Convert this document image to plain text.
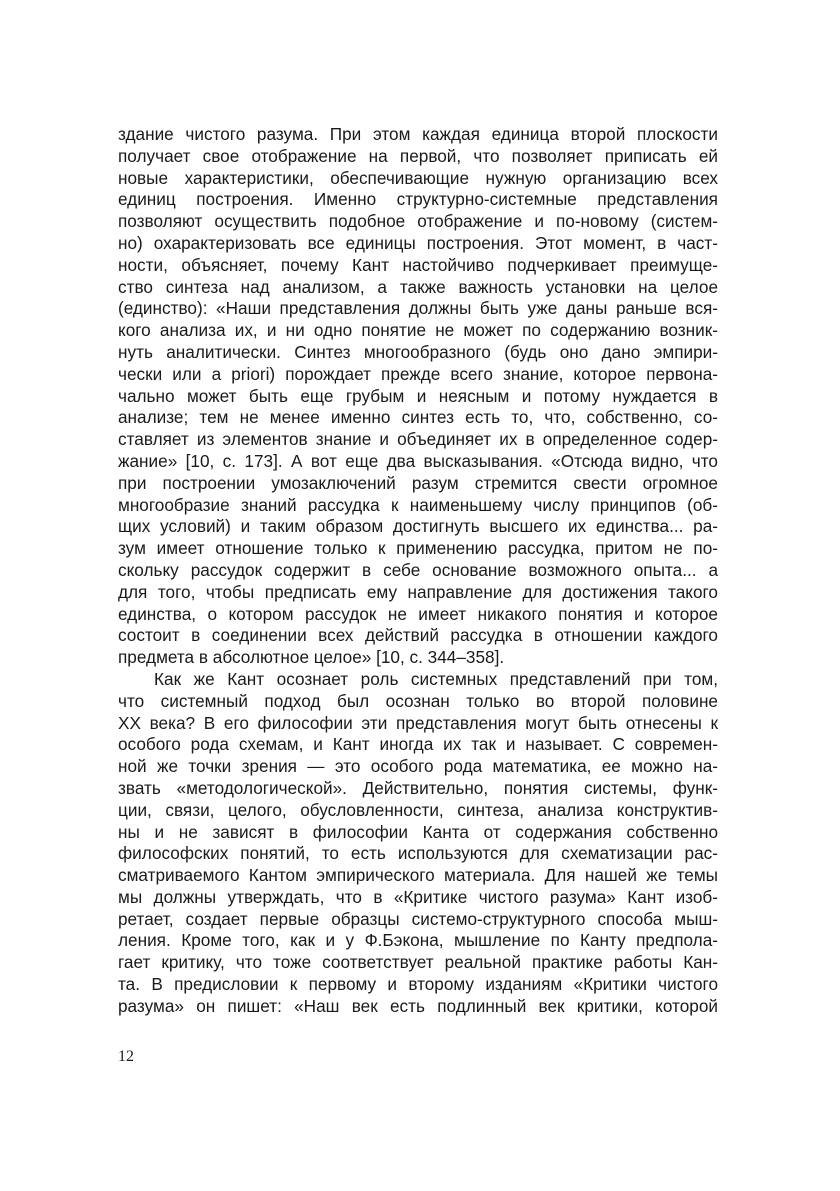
здание чистого разума. При этом каждая единица второй плоскости
получает свое отображение на первой, что позволяет приписать ей
новые характеристики, обеспечивающие нужную организацию всех
единиц построения. Именно структурно-системные представления
позволяют осуществить подобное отображение и по-новому (систем-
но) охарактеризовать все единицы построения. Этот момент, в част-
ности, объясняет, почему Кант настойчиво подчеркивает преимуще-
ство синтеза над анализом, а также важность установки на целое
(единство): «Наши представления должны быть уже даны раньше вся-
кого анализа их, и ни одно понятие не может по содержанию возник-
нуть аналитически. Синтез многообразного (будь оно дано эмпири-
чески или a priori) порождает прежде всего знание, которое первона-
чально может быть еще грубым и неясным и потому нуждается в
анализе; тем не менее именно синтез есть то, что, собственно, со-
ставляет из элементов знание и объединяет их в определенное содер-
жание» [10, с. 173]. А вот еще два высказывания. «Отсюда видно, что
при построении умозаключений разум стремится свести огромное
многообразие знаний рассудка к наименьшему числу принципов (об-
щих условий) и таким образом достигнуть высшего их единства... ра-
зум имеет отношение только к применению рассудка, притом не по-
скольку рассудок содержит в себе основание возможного опыта... а
для того, чтобы предписать ему направление для достижения такого
единства, о котором рассудок не имеет никакого понятия и которое
состоит в соединении всех действий рассудка в отношении каждого
предмета в абсолютное целое» [10, с. 344–358].
Как же Кант осознает роль системных представлений при том,
что системный подход был осознан только во второй половине
XX века? В его философии эти представления могут быть отнесены к
особого рода схемам, и Кант иногда их так и называет. С современ-
ной же точки зрения — это особого рода математика, ее можно на-
звать «методологической». Действительно, понятия системы, функ-
ции, связи, целого, обусловленности, синтеза, анализа конструктив-
ны и не зависят в философии Канта от содержания собственно
философских понятий, то есть используются для схематизации рас-
сматриваемого Кантом эмпирического материала. Для нашей же темы
мы должны утверждать, что в «Критике чистого разума» Кант изоб-
ретает, создает первые образцы системо-структурного способа мыш-
ления. Кроме того, как и у Ф.Бэкона, мышление по Канту предпола-
гает критику, что тоже соответствует реальной практике работы Кан-
та. В предисловии к первому и второму изданиям «Критики чистого
разума» он пишет: «Наш век есть подлинный век критики, которой
12
